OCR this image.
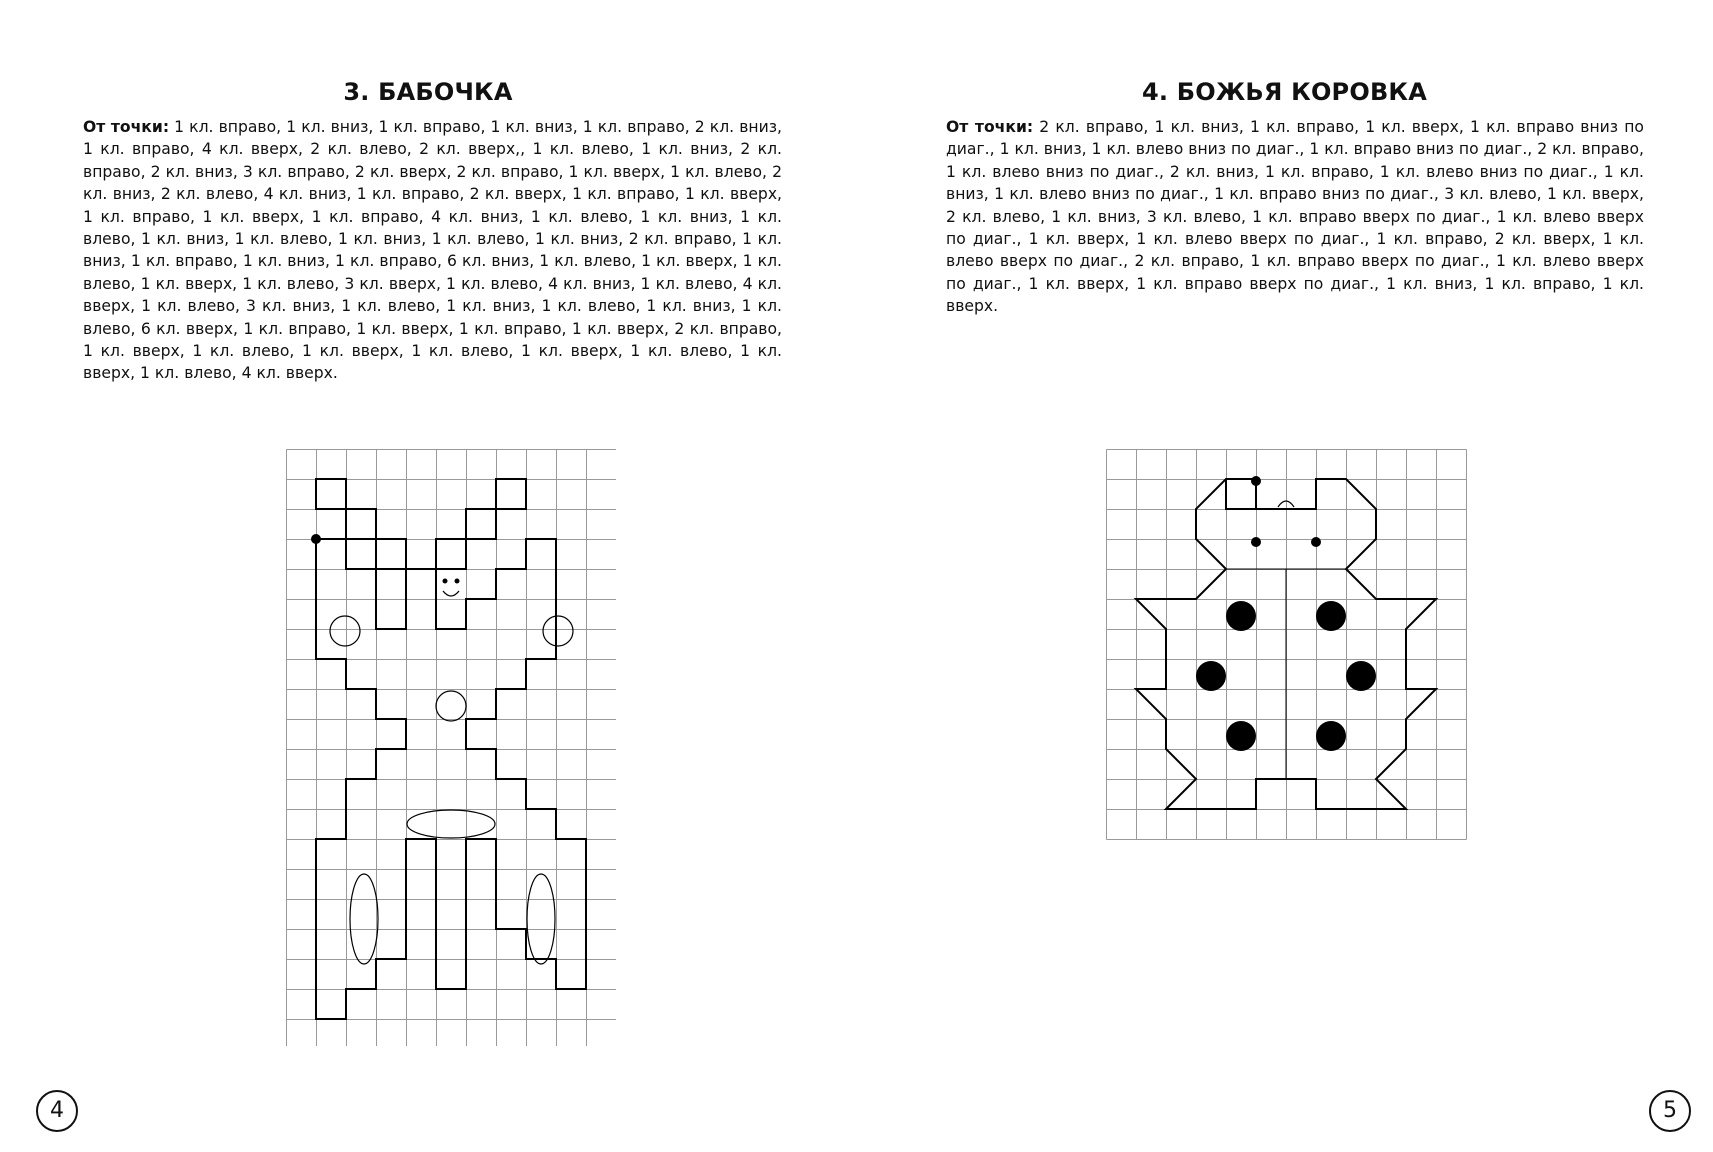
3. БАБОЧКА
От точки: 1 кл. вправо, 1 кл. вниз, 1 кл. вправо, 1 кл. вниз, 1 кл. вправо, 2 кл. вниз, 1 кл. вправо, 4 кл. вверх, 2 кл. влево, 2 кл. вверх,, 1 кл. влево, 1 кл. вниз, 2 кл. вправо, 2 кл. вниз, 3 кл. вправо, 2 кл. вверх, 2 кл. вправо, 1 кл. вверх, 1 кл. влево, 2 кл. вниз, 2 кл. влево, 4 кл. вниз, 1 кл. вправо, 2 кл. вверх, 1 кл. вправо, 1 кл. вверх, 1 кл. вправо, 1 кл. вверх, 1 кл. вправо, 4 кл. вниз, 1 кл. влево, 1 кл. вниз, 1 кл. влево, 1 кл. вниз, 1 кл. влево, 1 кл. вниз, 1 кл. влево, 1 кл. вниз, 2 кл. вправо, 1 кл. вниз, 1 кл. вправо, 1 кл. вниз, 1 кл. вправо, 6 кл. вниз, 1 кл. влево, 1 кл. вверх, 1 кл. влево, 1 кл. вверх, 1 кл. влево, 3 кл. вверх, 1 кл. влево, 4 кл. вниз, 1 кл. влево, 4 кл. вверх, 1 кл. влево, 3 кл. вниз, 1 кл. влево, 1 кл. вниз, 1 кл. влево, 1 кл. вниз, 1 кл. влево, 6 кл. вверх, 1 кл. вправо, 1 кл. вверх, 1 кл. вправо, 1 кл. вверх, 2 кл. вправо, 1 кл. вверх, 1 кл. влево, 1 кл. вверх, 1 кл. влево, 1 кл. вверх, 1 кл. влево, 1 кл. вверх, 1 кл. влево, 4 кл. вверх.
4
4. БОЖЬЯ КОРОВКА
От точки: 2 кл. вправо, 1 кл. вниз, 1 кл. вправо, 1 кл. вверх, 1 кл. вправо вниз по диаг., 1 кл. вниз, 1 кл. влево вниз по диаг., 1 кл. вправо вниз по диаг., 2 кл. вправо, 1 кл. влево вниз по диаг., 2 кл. вниз, 1 кл. вправо, 1 кл. влево вниз по диаг., 1 кл. вниз, 1 кл. влево вниз по диаг., 1 кл. вправо вниз по диаг., 3 кл. влево, 1 кл. вверх, 2 кл. влево, 1 кл. вниз, 3 кл. влево, 1 кл. вправо вверх по диаг., 1 кл. влево вверх по диаг., 1 кл. вверх, 1 кл. влево вверх по диаг., 1 кл. вправо, 2 кл. вверх, 1 кл. влево вверх по диаг., 2 кл. вправо, 1 кл. вправо вверх по диаг., 1 кл. влево вверх по диаг., 1 кл. вверх, 1 кл. вправо вверх по диаг., 1 кл. вниз, 1 кл. вправо, 1 кл. вверх.
5
